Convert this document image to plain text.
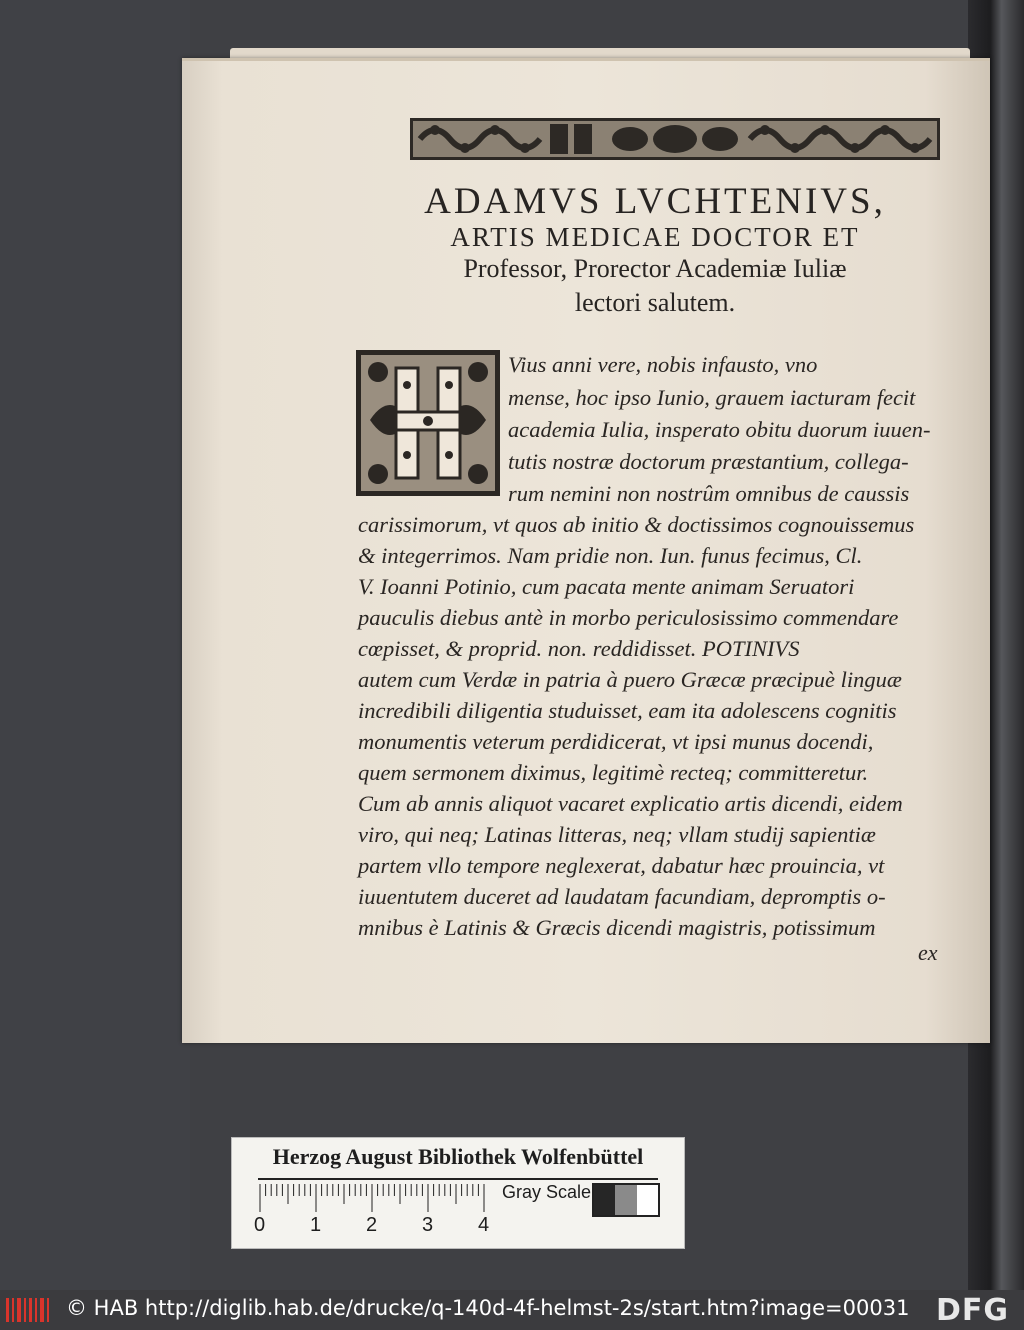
ADAMVS LVCHTENIVS,
ARTIS MEDICAE DOCTOR ET
Professor, Prorector Academiæ Iuliæ
lectori salutem.
Vius anni vere, nobis infausto, vno
mense, hoc ipso Iunio, grauem iacturam fecit
academia Iulia, insperato obitu duorum iuuen-
tutis nostræ doctorum præstantium, collega-
rum nemini non nostrûm omnibus de caussis
carissimorum, vt quos ab initio & doctissimos cognouissemus
& integerrimos. Nam pridie non. Iun. funus fecimus, Cl.
V. Ioanni Potinio, cum pacata mente animam Seruatori
pauculis diebus antè in morbo periculosissimo commendare
cœpisset, & proprid. non. reddidisset. POTINIVS
autem cum Verdæ in patria à puero Græcæ præcipuè linguæ
incredibili diligentia studuisset, eam ita adolescens cognitis
monumentis veterum perdidicerat, vt ipsi munus docendi,
quem sermonem diximus, legitimè recteq; committeretur.
Cum ab annis aliquot vacaret explicatio artis dicendi, eidem
viro, qui neq; Latinas litteras, neq; vllam studij sapientiæ
partem vllo tempore neglexerat, dabatur hæc prouincia, vt
iuuentutem duceret ad laudatam facundiam, depromptis o-
mnibus è Latinis & Græcis dicendi magistris, potissimum
ex
Herzog August Bibliothek Wolfenbüttel
0 1 2 3 4
Gray Scale
© HAB http://diglib.hab.de/drucke/q-140d-4f-helmst-2s/start.htm?image=00031 DFG
